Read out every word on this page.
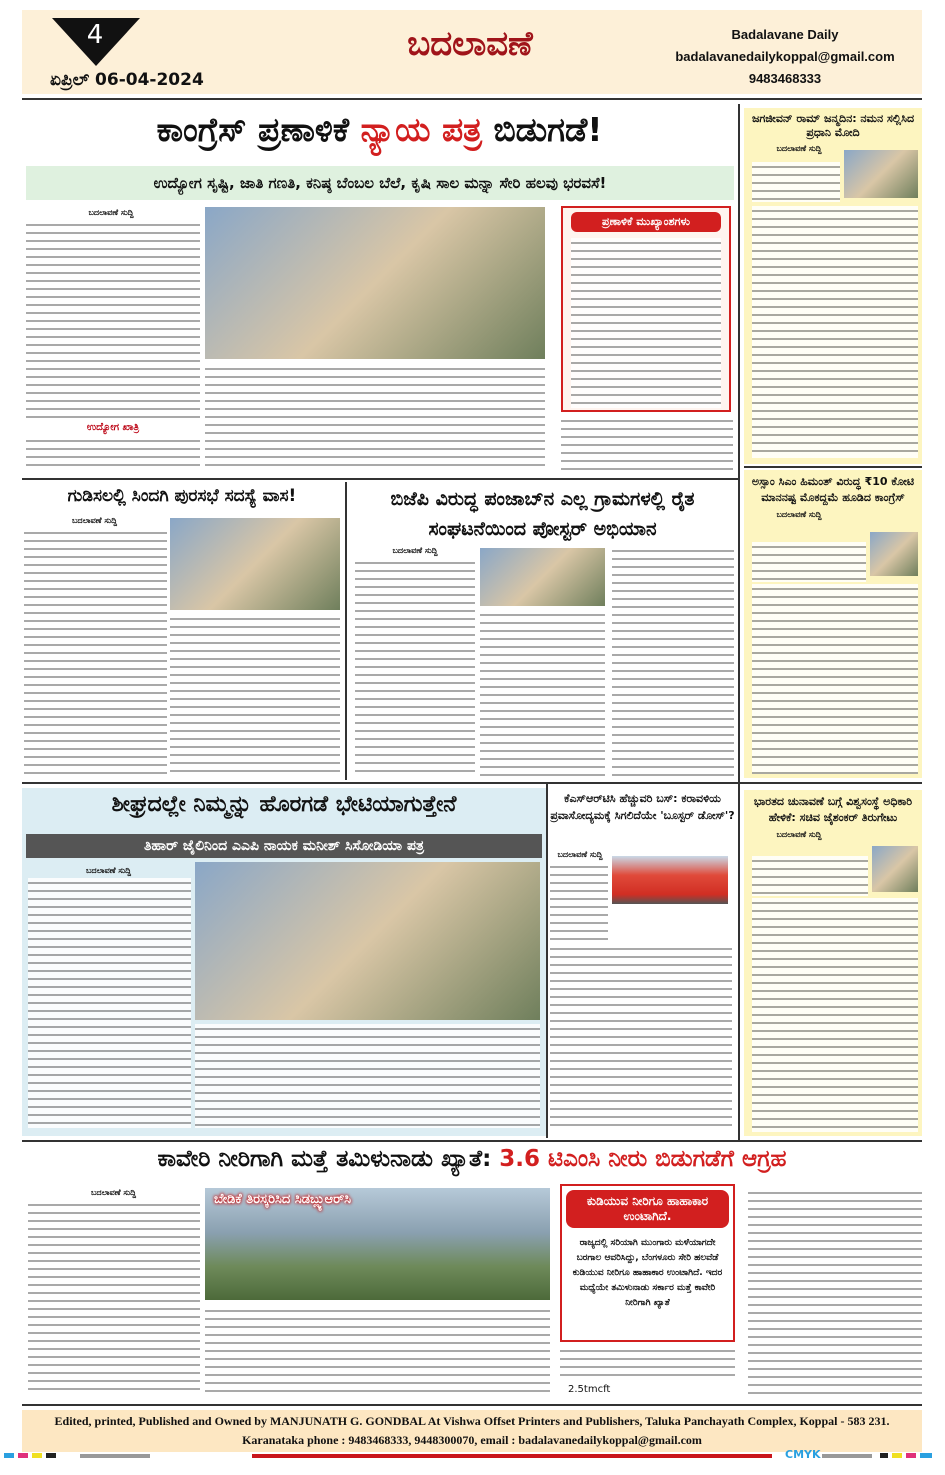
4
ಏಪ್ರಿಲ್ 06-04-2024
ಬದಲಾವಣೆ	Badalavane Daily
badalavanedailykoppal@gmail.com
9483468333
ಕಾಂಗ್ರೆಸ್ ಪ್ರಣಾಳಿಕೆ ನ್ಯಾಯ ಪತ್ರ ಬಿಡುಗಡೆ!
ಉದ್ಯೋಗ ಸೃಷ್ಟಿ, ಜಾತಿ ಗಣತಿ, ಕನಿಷ್ಠ ಬೆಂಬಲ ಬೆಲೆ, ಕೃಷಿ ಸಾಲ ಮನ್ನಾ ಸೇರಿ ಹಲವು ಭರವಸೆ!
ಬದಲಾವಣೆ ಸುದ್ದಿ
ಉದ್ಯೋಗ ಖಾತ್ರಿ
ಪ್ರಣಾಳಿಕೆ ಮುಖ್ಯಾಂಶಗಳು
ಗುಡಿಸಲಲ್ಲಿ ಸಿಂದಗಿ ಪುರಸಭೆ ಸದಸ್ಯೆ ವಾಸ!
ಬದಲಾವಣೆ ಸುದ್ದಿ
ಬಿಜೆಪಿ ವಿರುದ್ಧ ಪಂಜಾಬ್‌ನ ಎಲ್ಲ ಗ್ರಾಮಗಳಲ್ಲಿ ರೈತ ಸಂಘಟನೆಯಿಂದ ಪೋಸ್ಟರ್ ಅಭಿಯಾನ
ಬದಲಾವಣೆ ಸುದ್ದಿ
ಜಗಜೀವನ್ ರಾಮ್ ಜನ್ಮದಿನ: ನಮನ ಸಲ್ಲಿಸಿದ ಪ್ರಧಾನಿ ಮೋದಿ
ಬದಲಾವಣೆ ಸುದ್ದಿ
ಅಸ್ಸಾಂ ಸಿಎಂ ಹಿಮಂತ್ ವಿರುದ್ಧ ₹10 ಕೋಟಿ ಮಾನನಷ್ಟ ಮೊಕದ್ದಮೆ ಹೂಡಿದ ಕಾಂಗ್ರೆಸ್
ಬದಲಾವಣೆ ಸುದ್ದಿ
ಭಾರತದ ಚುನಾವಣೆ ಬಗ್ಗೆ ವಿಶ್ವಸಂಸ್ಥೆ ಅಧಿಕಾರಿ ಹೇಳಿಕೆ: ಸಚಿವ ಜೈಶಂಕರ್ ತಿರುಗೇಟು
ಬದಲಾವಣೆ ಸುದ್ದಿ
ಶೀಘ್ರದಲ್ಲೇ ನಿಮ್ಮನ್ನು ಹೊರಗಡೆ ಭೇಟಿಯಾಗುತ್ತೇನೆ
ತಿಹಾರ್ ಜೈಲಿನಿಂದ ಎಎಪಿ ನಾಯಕ ಮನೀಶ್ ಸಿಸೋಡಿಯಾ ಪತ್ರ
ಬದಲಾವಣೆ ಸುದ್ದಿ
ಕೆಎಸ್‌ಆರ್‌ಟಿಸಿ ಹೆಚ್ಚುವರಿ ಬಸ್: ಕರಾವಳಿಯ ಪ್ರವಾಸೋದ್ಯಮಕ್ಕೆ ಸಿಗಲಿದೆಯೇ 'ಬೂಸ್ಟರ್ ಡೋಸ್'?
ಬದಲಾವಣೆ ಸುದ್ದಿ
ಕಾವೇರಿ ನೀರಿಗಾಗಿ ಮತ್ತೆ ತಮಿಳುನಾಡು ಖ್ಯಾತೆ: 3.6 ಟಿಎಂಸಿ ನೀರು ಬಿಡುಗಡೆಗೆ ಆಗ್ರಹ
ಬದಲಾವಣೆ ಸುದ್ದಿ	ಬೇಡಿಕೆ ತಿರಸ್ಕರಿಸಿದ ಸಿಡಬ್ಲ್ಯುಆರ್‌ಸಿ	ಕುಡಿಯುವ ನೀರಿಗೂ ಹಾಹಾಕಾರ ಉಂಟಾಗಿದೆ.
ರಾಜ್ಯದಲ್ಲಿ ಸರಿಯಾಗಿ ಮುಂಗಾರು ಮಳೆಯಾಗದೇ ಬರಗಾಲ ಆವರಿಸಿದ್ದು, ಬೆಂಗಳೂರು ಸೇರಿ ಹಲವೆಡೆ ಕುಡಿಯುವ ನೀರಿಗೂ ಹಾಹಾಕಾರ ಉಂಟಾಗಿದೆ. ಇದರ ಮಧ್ಯೆಯೇ ತಮಿಳುನಾಡು ಸರ್ಕಾರ ಮತ್ತೆ ಕಾವೇರಿ ನೀರಿಗಾಗಿ ಖ್ಯಾತೆ
2.5tmcft
Edited, printed, Published and Owned by MANJUNATH G. GONDBAL At Vishwa Offset Printers and Publishers, Taluka Panchayath Complex, Koppal - 583 231.
Karanataka phone : 9483468333, 9448300070, email : badalavanedailykoppal@gmail.com
CMYK
